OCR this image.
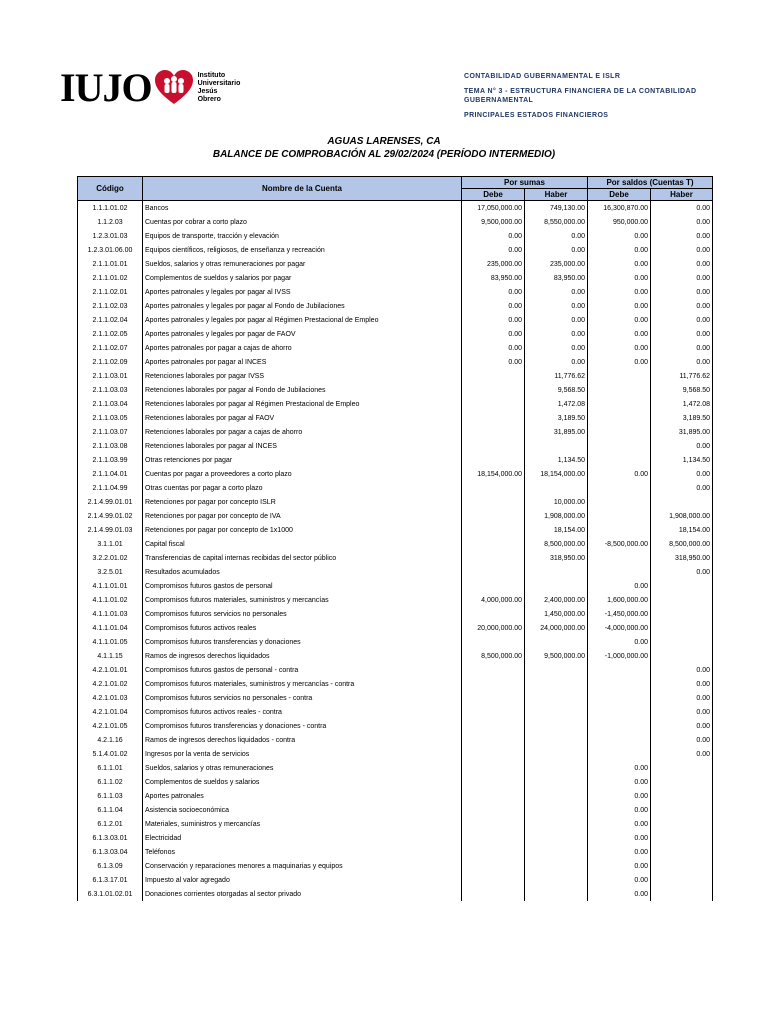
IUJO	Instituto
Universitario
Jesús
Obrero
CONTABILIDAD GUBERNAMENTAL E ISLR
TEMA N° 3 - ESTRUCTURA FINANCIERA DE LA CONTABILIDAD GUBERNAMENTAL
PRINCIPALES ESTADOS FINANCIEROS
AGUAS LARENSES, CA
BALANCE DE COMPROBACIÓN AL 29/02/2024 (PERÍODO INTERMEDIO)
Código	Nombre de la Cuenta	Por sumas		Por saldos (Cuentas T)	
		Debe	Haber	Debe	Haber
1.1.1.01.02	Bancos	17,050,000.00	749,130.00	16,300,870.00	0.00
1.1.2.03	Cuentas por cobrar a corto plazo	9,500,000.00	8,550,000.00	950,000.00	0.00
1.2.3.01.03	Equipos de transporte, tracción y elevación	0.00	0.00	0.00	0.00
1.2.3.01.06.00	Equipos científicos, religiosos, de enseñanza y recreación	0.00	0.00	0.00	0.00
2.1.1.01.01	Sueldos, salarios y otras remuneraciones por pagar	235,000.00	235,000.00	0.00	0.00
2.1.1.01.02	Complementos de sueldos y salarios por pagar	83,950.00	83,950.00	0.00	0.00
2.1.1.02.01	Aportes patronales y legales por pagar al IVSS	0.00	0.00	0.00	0.00
2.1.1.02.03	Aportes patronales y legales por pagar al Fondo de Jubilaciones	0.00	0.00	0.00	0.00
2.1.1.02.04	Aportes patronales y legales por pagar al Régimen Prestacional de Empleo	0.00	0.00	0.00	0.00
2.1.1.02.05	Aportes patronales y legales por pagar de FAOV	0.00	0.00	0.00	0.00
2.1.1.02.07	Aportes patronales por pagar a cajas de ahorro	0.00	0.00	0.00	0.00
2.1.1.02.09	Aportes patronales por pagar al INCES	0.00	0.00	0.00	0.00
2.1.1.03.01	Retenciones laborales por pagar IVSS		11,776.62		11,776.62
2.1.1.03.03	Retenciones laborales por pagar al Fondo de Jubilaciones		9,568.50		9,568.50
2.1.1.03.04	Retenciones laborales por pagar al Régimen Prestacional de Empleo		1,472.08		1,472.08
2.1.1.03.05	Retenciones laborales por pagar al FAOV		3,189.50		3,189.50
2.1.1.03.07	Retenciones laborales por pagar a cajas de ahorro		31,895.00		31,895.00
2.1.1.03.08	Retenciones laborales por pagar al INCES				0.00
2.1.1.03.99	Otras retenciones por pagar		1,134.50		1,134.50
2.1.1.04.01	Cuentas por pagar a proveedores a corto plazo	18,154,000.00	18,154,000.00	0.00	0.00
2.1.1.04.99	Otras cuentas por pagar a corto plazo				0.00
2.1.4.99.01.01	Retenciones por pagar por concepto ISLR		10,000.00		
2.1.4.99.01.02	Retenciones por pagar por concepto de IVA		1,908,000.00		1,908,000.00
2.1.4.99.01.03	Retenciones por pagar por concepto de 1x1000		18,154.00		18,154.00
3.1.1.01	Capital fiscal		8,500,000.00	-8,500,000.00	8,500,000.00
3.2.2.01.02	Transferencias de capital internas recibidas del sector público		318,950.00		318,950.00
3.2.5.01	Resultados acumulados				0.00
4.1.1.01.01	Compromisos futuros gastos de personal			0.00	
4.1.1.01.02	Compromisos futuros materiales, suministros y mercancías	4,000,000.00	2,400,000.00	1,600,000.00	
4.1.1.01.03	Compromisos futuros servicios no personales		1,450,000.00	-1,450,000.00	
4.1.1.01.04	Compromisos futuros activos reales	20,000,000.00	24,000,000.00	-4,000,000.00	
4.1.1.01.05	Compromisos futuros transferencias y donaciones			0.00	
4.1.1.15	Ramos de ingresos derechos liquidados	8,500,000.00	9,500,000.00	-1,000,000.00	
4.2.1.01.01	Compromisos futuros gastos de personal - contra				0.00
4.2.1.01.02	Compromisos futuros materiales, suministros y mercancías - contra				0.00
4.2.1.01.03	Compromisos futuros servicios no personales - contra				0.00
4.2.1.01.04	Compromisos futuros activos reales - contra				0.00
4.2.1.01.05	Compromisos futuros transferencias y donaciones - contra				0.00
4.2.1.16	Ramos de ingresos derechos liquidados - contra				0.00
5.1.4.01.02	Ingresos por la venta de servicios				0.00
6.1.1.01	Sueldos, salarios y otras remuneraciones			0.00	
6.1.1.02	Complementos de sueldos y salarios			0.00	
6.1.1.03	Aportes patronales			0.00	
6.1.1.04	Asistencia socioeconómica			0.00	
6.1.2.01	Materiales, suministros y mercancías			0.00	
6.1.3.03.01	Electricidad			0.00	
6.1.3.03.04	Teléfonos			0.00	
6.1.3.09	Conservación y reparaciones menores a maquinarias y equipos			0.00	
6.1.3.17.01	Impuesto al valor agregado			0.00	
6.3.1.01.02.01	Donaciones corrientes otorgadas al sector privado			0.00	
